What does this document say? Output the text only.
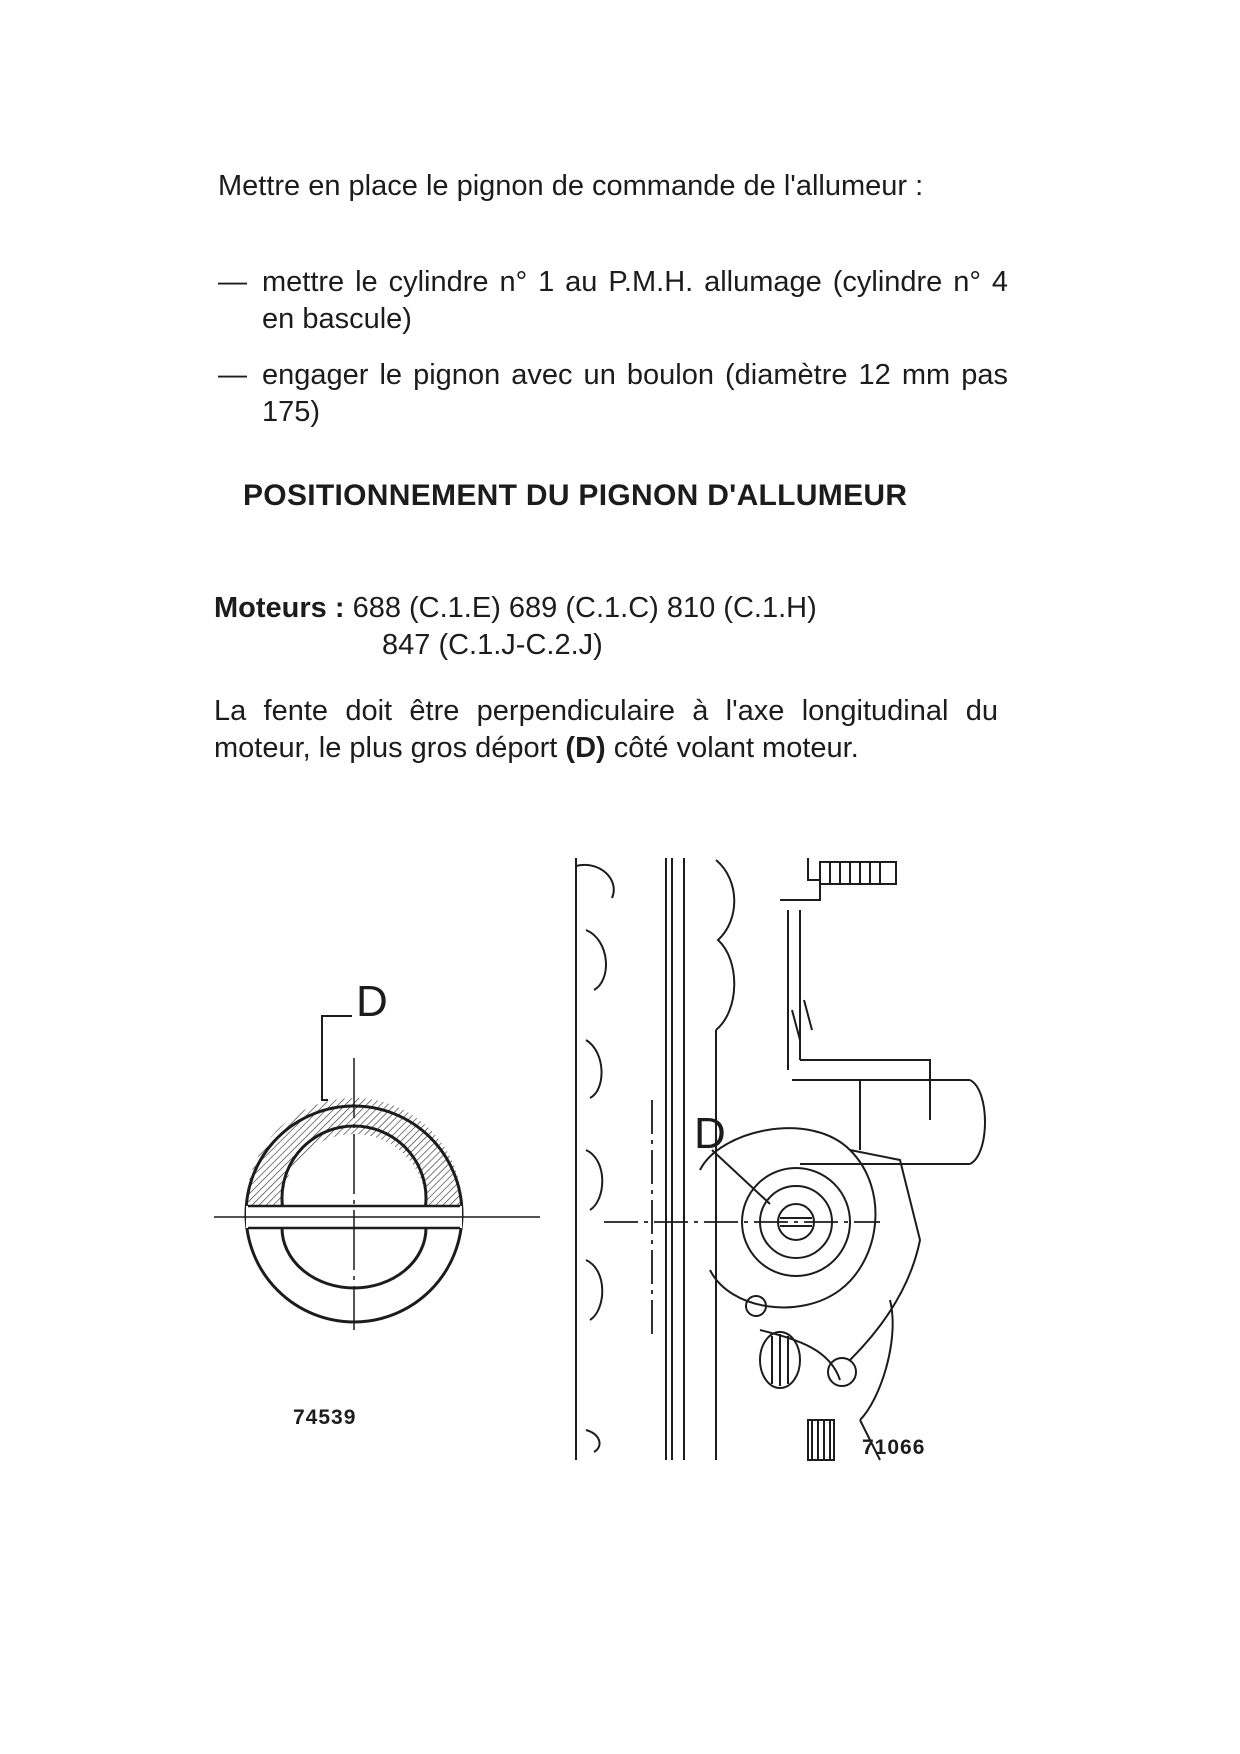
Mettre en place le pignon de commande de l'allumeur :
— mettre le cylindre n° 1 au P.M.H. allumage (cylindre n° 4 en bascule)
— engager le pignon avec un boulon (diamètre 12 mm pas 175)
POSITIONNEMENT DU PIGNON D'ALLUMEUR
Moteurs : 688 (C.1.E) 689 (C.1.C) 810 (C.1.H)
847 (C.1.J-C.2.J)
La fente doit être perpendiculaire à l'axe longitudinal du moteur, le plus gros déport (D) côté volant moteur.
D
74539
D
71066
